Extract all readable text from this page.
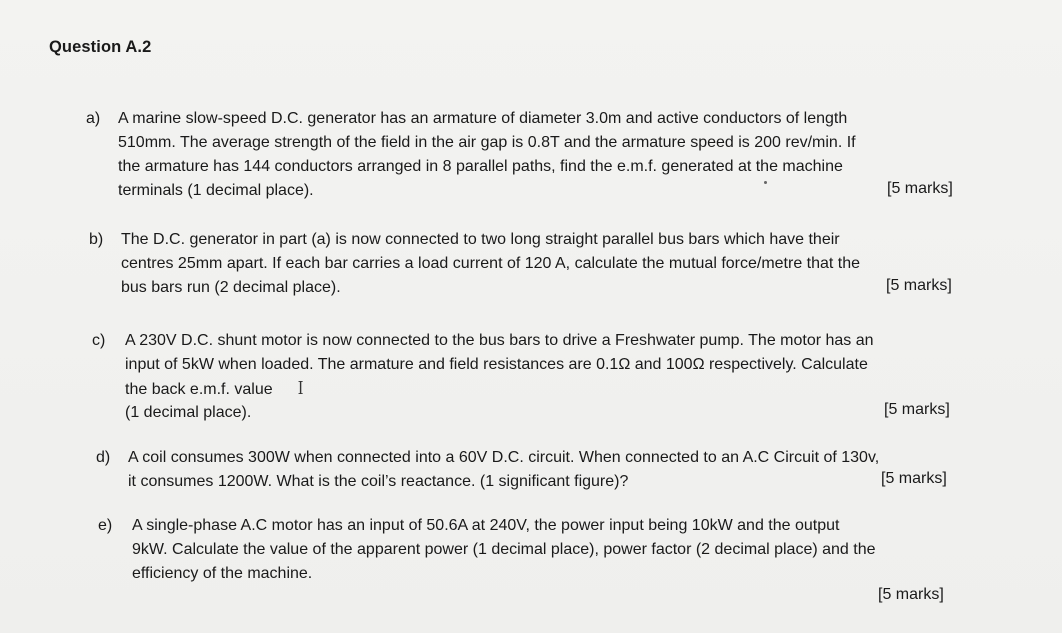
Question A.2
a) A marine slow-speed D.C. generator has an armature of diameter 3.0m and active conductors of length
510mm. The average strength of the field in the air gap is 0.8T and the armature speed is 200 rev/min. If
the armature has 144 conductors arranged in 8 parallel paths, find the e.m.f. generated at the machine
terminals (1 decimal place).	[5 marks]
b) The D.C. generator in part (a) is now connected to two long straight parallel bus bars which have their
centres 25mm apart. If each bar carries a load current of 120 A, calculate the mutual force/metre that the
bus bars run (2 decimal place).	[5 marks]
c) A 230V D.C. shunt motor is now connected to the bus bars to drive a Freshwater pump. The motor has an
input of 5kW when loaded. The armature and field resistances are 0.1Ω and 100Ω respectively. Calculate
the back e.m.f. value I
(1 decimal place).	[5 marks]
d) A coil consumes 300W when connected into a 60V D.C. circuit. When connected to an A.C Circuit of 130v,
it consumes 1200W. What is the coil’s reactance. (1 significant figure)?	[5 marks]
e) A single-phase A.C motor has an input of 50.6A at 240V, the power input being 10kW and the output
9kW. Calculate the value of the apparent power (1 decimal place), power factor (2 decimal place) and the
efficiency of the machine.
[5 marks]
